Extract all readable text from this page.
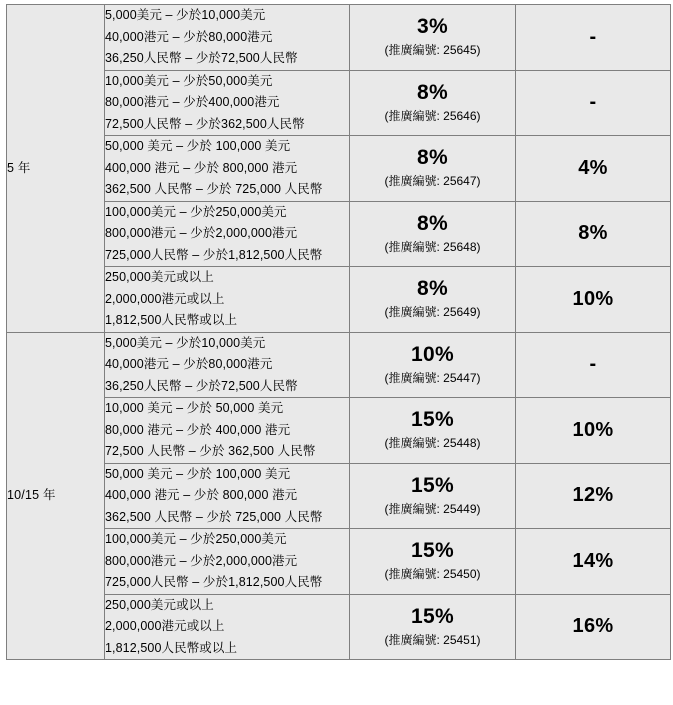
5 年	5,000美元 – 少於10,000美元
40,000港元 – 少於80,000港元
36,250人民幣 – 少於72,500人民幣	3%
(推廣編號: 25645)	-

	10,000美元 – 少於50,000美元
80,000港元 – 少於400,000港元
72,500人民幣 – 少於362,500人民幣	8%
(推廣編號: 25646)	-

	50,000 美元 – 少於 100,000 美元
400,000 港元 – 少於 800,000 港元
362,500 人民幣 – 少於 725,000 人民幣	8%
(推廣編號: 25647)	4%

	100,000美元 – 少於250,000美元
800,000港元 – 少於2,000,000港元
725,000人民幣 – 少於1,812,500人民幣	8%
(推廣編號: 25648)	8%

	250,000美元或以上
2,000,000港元或以上
1,812,500人民幣或以上	8%
(推廣編號: 25649)	10%
10/15 年	5,000美元 – 少於10,000美元
40,000港元 – 少於80,000港元
36,250人民幣 – 少於72,500人民幣	10%
(推廣編號: 25447)	-

	10,000 美元 – 少於 50,000 美元
80,000 港元 – 少於 400,000 港元
72,500 人民幣 – 少於 362,500 人民幣	15%
(推廣編號: 25448)	10%

	50,000 美元 – 少於 100,000 美元
400,000 港元 – 少於 800,000 港元
362,500 人民幣 – 少於 725,000 人民幣	15%
(推廣編號: 25449)	12%

	100,000美元 – 少於250,000美元
800,000港元 – 少於2,000,000港元
725,000人民幣 – 少於1,812,500人民幣	15%
(推廣編號: 25450)	14%

	250,000美元或以上
2,000,000港元或以上
1,812,500人民幣或以上	15%
(推廣編號: 25451)	16%
